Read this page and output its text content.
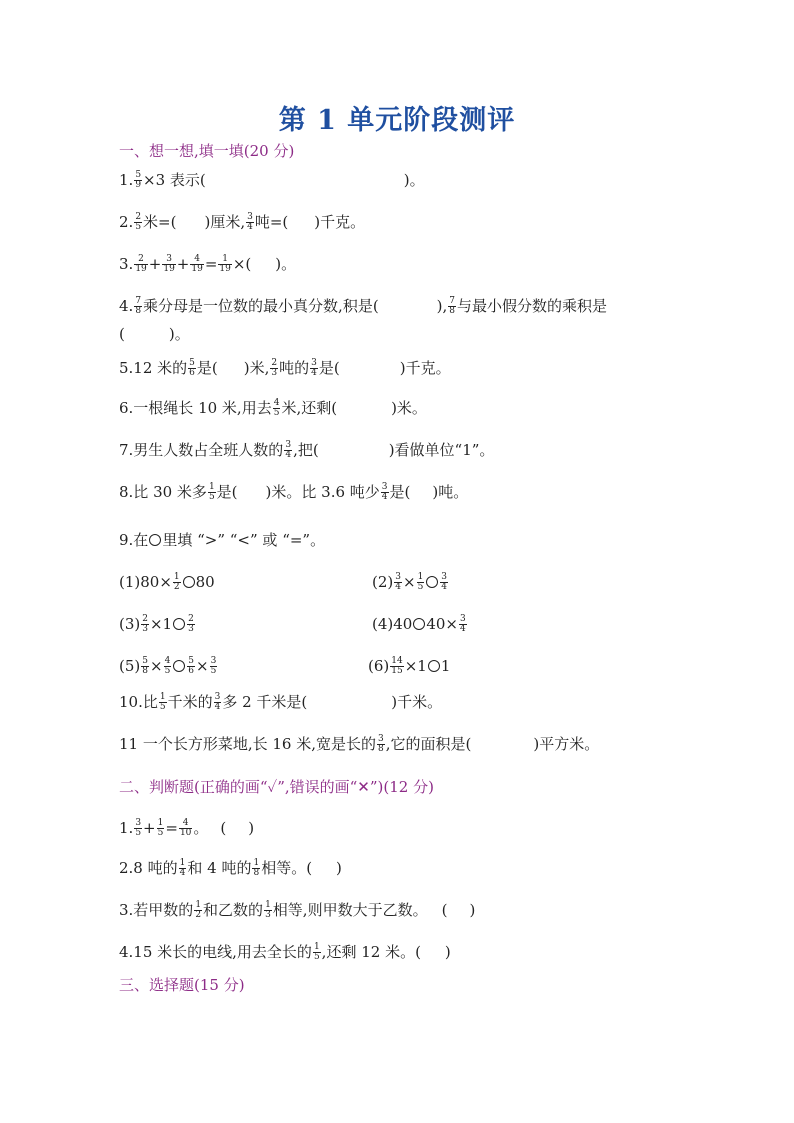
第 1 单元阶段测评
一、想一想,填一填(20 分)
1. $\frac{5}{9} \times 3$ 表示(	)。
2. $\frac{2}{5}$ 米=( )厘米, $\frac{3}{4}$ 吨=( )千克。
3. $\frac{2}{19} + \frac{3}{19} + \frac{4}{19} = \frac{1}{19}$ ×( )。
4. $\frac{7}{8}$ 乘分母是一位数的最小真分数,积是(	), $\frac{7}{8}$ 与最小假分数的乘积是
(	)。
5.12 米的 $\frac{5}{6}$ 是( )米, $\frac{2}{3}$ 吨的 $\frac{3}{4}$ 是(	)千克。
6.一根绳长 10 米,用去 $\frac{4}{5}$ 米,还剩(	)米。
7.男生人数占全班人数的 $\frac{3}{4}$ ,把(	)看做单位“1”。
8.比 30 米多 $\frac{1}{5}$ 是( )米。比 3.6 吨少 $\frac{3}{4}$ 是( )吨。
9.在 里填 “>” “<” 或 “=”。
$(1)80\times \frac{1}{2} 80$	$(2) \frac{3}{4} \times \frac{1}{5} \frac{3}{4}$
$(3) \frac{2}{3} \times 1 \frac{2}{3}$	(4)40 $40\times \frac{3}{4}$
$(5) \frac{5}{8} \times \frac{4}{5} \frac{5}{6} \times \frac{3}{5}$	$(6) \frac{14}{15} \times 1$ 1
10.比 $\frac{1}{5}$ 千米的 $\frac{3}{4}$ 多 2 千米是(	)千米。
11 一个长方形菜地,长 16 米,宽是长的 $\frac{3}{8}$ ,它的面积是(	)平方米。
二、判断题(正确的画“✓”,错误的画“✕”)(12 分)
1. $\frac{3}{5} + \frac{1}{5} = \frac{4}{10}$ 。 ( )
2.8 吨的 $\frac{1}{4}$ 和 4 吨的 $\frac{1}{8}$ 相等。( )
3.若甲数的 $\frac{1}{2}$ 和乙数的 $\frac{1}{3}$ 相等,则甲数大于乙数。 ( )
4.15 米长的电线,用去全长的 $\frac{1}{5}$ ,还剩 12 米。( )
三、选择题(15 分)
